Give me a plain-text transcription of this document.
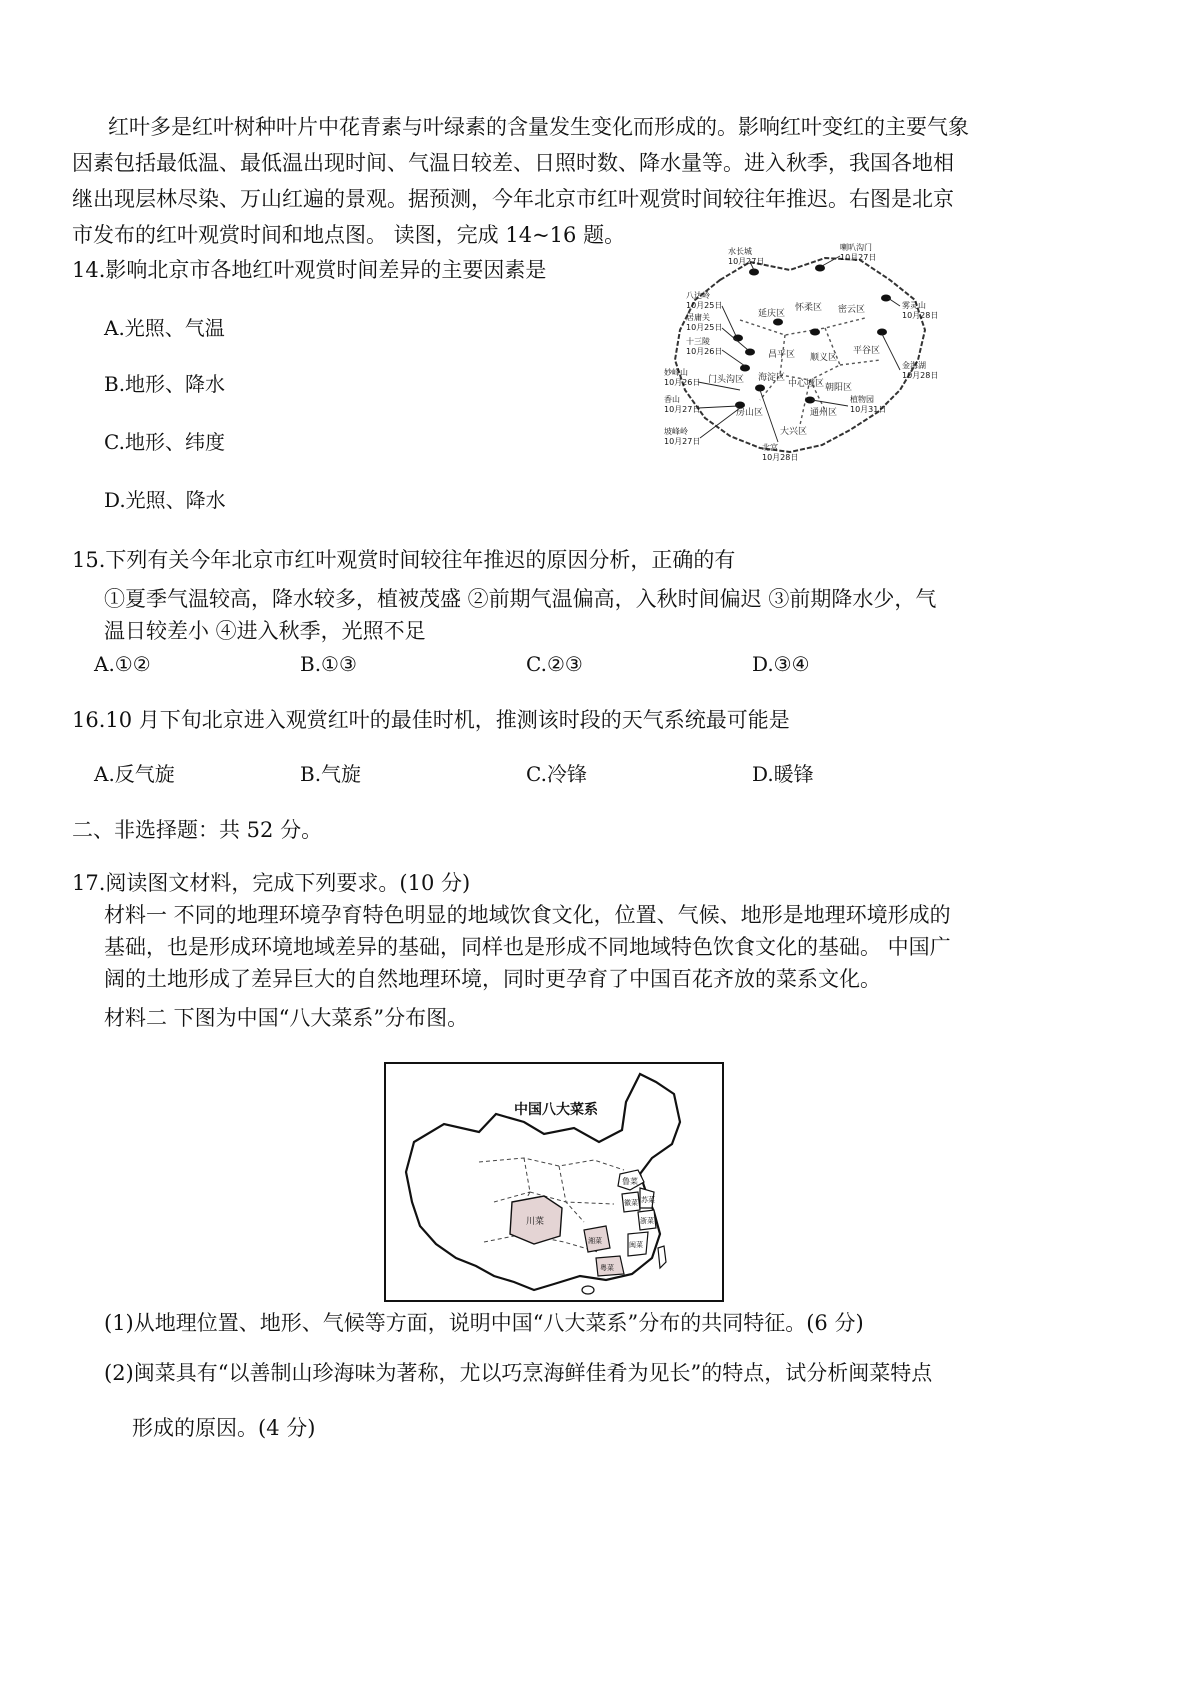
红叶多是红叶树种叶片中花青素与叶绿素的含量发生变化而形成的。影响红叶变红的主要气象
因素包括最低温、最低温出现时间、气温日较差、日照时数、降水量等。进入秋季，我国各地相
继出现层林尽染、万山红遍的景观。据预测，今年北京市红叶观赏时间较往年推迟。右图是北京
市发布的红叶观赏时间和地点图。 读图，完成 14~16 题。
14.影响北京市各地红叶观赏时间差异的主要因素是
A.光照、气温
B.地形、降水
C.地形、纬度
D.光照、降水
怀柔区
延庆区	密云区
昌平区 顺义区
平谷区
门头沟区 海淀区
中心城区 朝阳区
房山区	通州区
大兴区
水长城
10月27日
喇叭沟门
10月27日
八达岭
10月25日
居庸关
10月25日
十三陵
10月26日
妙峰山
10月26日
香山
10月27日
植物园
10月31日
雾灵山
10月28日
金海湖
10月28日
坡峰岭
10月27日
北宫
10月28日
15.下列有关今年北京市红叶观赏时间较往年推迟的原因分析，正确的有
①夏季气温较高，降水较多，植被茂盛 ②前期气温偏高，入秋时间偏迟 ③前期降水少，气
温日较差小 ④进入秋季，光照不足
A.①②	B.①③	C.②③	D.③④
16.10 月下旬北京进入观赏红叶的最佳时机，推测该时段的天气系统最可能是
A.反气旋	B.气旋	C.冷锋	D.暖锋
二、非选择题：共 52 分。
17.阅读图文材料，完成下列要求。(10 分)
材料一 不同的地理环境孕育特色明显的地域饮食文化，位置、气候、地形是地理环境形成的
基础，也是形成环境地域差异的基础，同样也是形成不同地域特色饮食文化的基础。 中国广
阔的土地形成了差异巨大的自然地理环境，同时更孕育了中国百花齐放的菜系文化。
材料二 下图为中国“八大菜系”分布图。
中国八大菜系
川菜
鲁菜
徽菜 苏菜
浙菜
闽菜
湘菜
粤菜
(1)从地理位置、地形、气候等方面，说明中国“八大菜系”分布的共同特征。(6 分)
(2)闽菜具有“以善制山珍海味为著称，尤以巧烹海鲜佳肴为见长”的特点，试分析闽菜特点
形成的原因。(4 分)
